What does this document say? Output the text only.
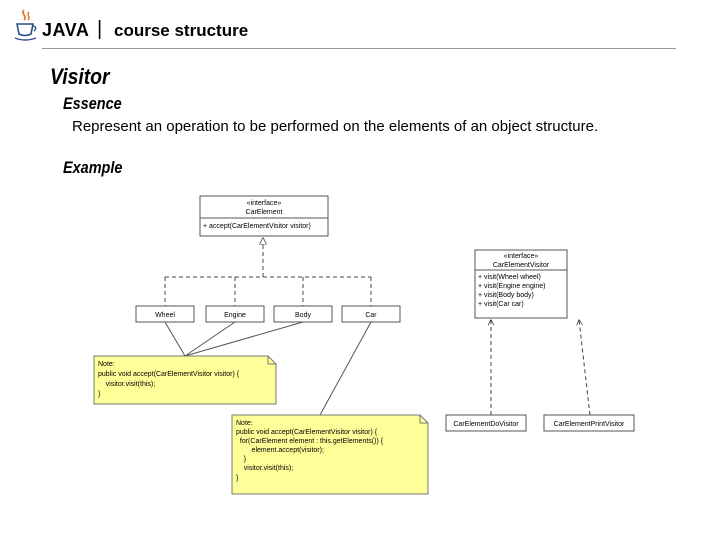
JAVA | course structure
Visitor
Essence
Represent an operation to be performed on the elements of an object structure.
Example
«interface»
CarElement
+ accept(CarElementVisitor visitor)
«interface»
CarElementVisitor
+ visit(Wheel wheel)
+ visit(Engine engine)
+ visit(Body body)
+ visit(Car car)
Wheel	Engine	Body	Car
CarElementDoVisitor	CarElementPrintVisitor
Note:
public void accept(CarElementVisitor visitor) {
visitor.visit(this);
}
Note:
public void accept(CarElementVisitor visitor) {
for(CarElement element : this.getElements()) {
element.accept(visitor);
}
visitor.visit(this);
}
